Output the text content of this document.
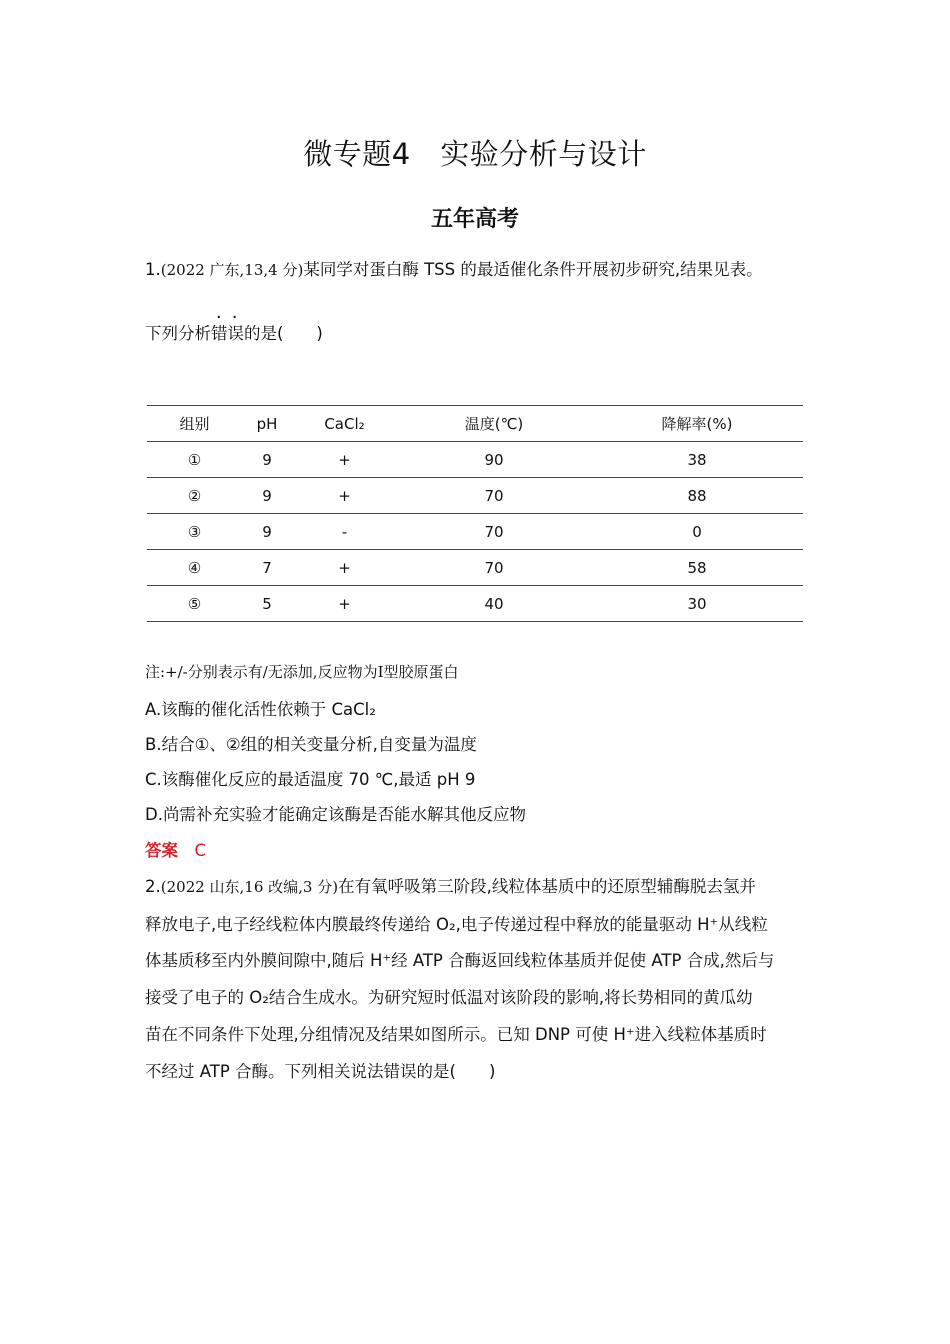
微专题4　实验分析与设计
五年高考
1.(2022 广东,13,4 分)某同学对蛋白酶 TSS 的最适催化条件开展初步研究,结果见表。
..
下列分析错误的是(　　)
组别	pH	CaCl₂	温度(℃)	降解率(%)
①	9	+	90	38
②	9	+	70	88
③	9	-	70	0
④	7	+	70	58
⑤	5	+	40	30
注:+/-分别表示有/无添加,反应物为Ⅰ型胶原蛋白
A.该酶的催化活性依赖于 CaCl₂
B.结合①、②组的相关变量分析,自变量为温度
C.该酶催化反应的最适温度 70 ℃,最适 pH 9
D.尚需补充实验才能确定该酶是否能水解其他反应物
答案　 C
2.(2022 山东,16 改编,3 分)在有氧呼吸第三阶段,线粒体基质中的还原型辅酶脱去氢并
释放电子,电子经线粒体内膜最终传递给 O₂,电子传递过程中释放的能量驱动 H⁺从线粒
体基质移至内外膜间隙中,随后 H⁺经 ATP 合酶返回线粒体基质并促使 ATP 合成,然后与
接受了电子的 O₂结合生成水。为研究短时低温对该阶段的影响,将长势相同的黄瓜幼
苗在不同条件下处理,分组情况及结果如图所示。已知 DNP 可使 H⁺进入线粒体基质时
不经过 ATP 合酶。下列相关说法错误的是(　　)
